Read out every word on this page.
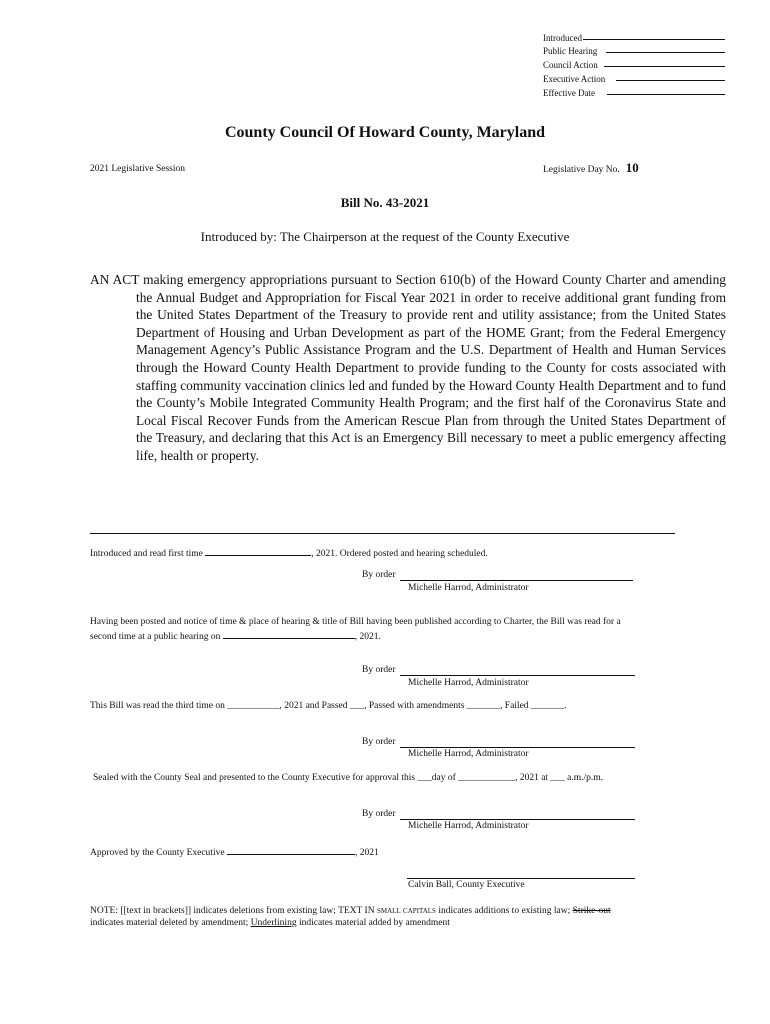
Introduced
Public Hearing
Council Action
Executive Action
Effective Date
County Council Of Howard County, Maryland
2021 Legislative Session	Legislative Day No. 10
Bill No. 43-2021
Introduced by: The Chairperson at the request of the County Executive
AN ACT making emergency appropriations pursuant to Section 610(b) of the Howard County Charter and amending the Annual Budget and Appropriation for Fiscal Year 2021 in order to receive additional grant funding from the United States Department of the Treasury to provide rent and utility assistance; from the United States Department of Housing and Urban Development as part of the HOME Grant; from the Federal Emergency Management Agency’s Public Assistance Program and the U.S. Department of Health and Human Services through the Howard County Health Department to provide funding to the County for costs associated with staffing community vaccination clinics led and funded by the Howard County Health Department and to fund the County’s Mobile Integrated Community Health Program; and the first half of the Coronavirus State and Local Fiscal Recover Funds from the American Rescue Plan from through the United States Department of the Treasury, and declaring that this Act is an Emergency Bill necessary to meet a public emergency affecting life, health or property.
Introduced and read first time	, 2021. Ordered posted and hearing scheduled.
By order
Michelle Harrod, Administrator
Having been posted and notice of time & place of hearing & title of Bill having been published according to Charter, the Bill was read for a
second time at a public hearing on	, 2021.
By order
Michelle Harrod, Administrator
This Bill was read the third time on ___________, 2021 and Passed ___, Passed with amendments _______, Failed _______.
By order
Michelle Harrod, Administrator
Sealed with the County Seal and presented to the County Executive for approval this ___day of ____________, 2021 at ___ a.m./p.m.
By order
Michelle Harrod, Administrator
Approved by the County Executive	, 2021
Calvin Ball, County Executive
NOTE: [[text in brackets]] indicates deletions from existing law; TEXT IN small capitals indicates additions to existing law; Strike-out
indicates material deleted by amendment; Underlining indicates material added by amendment
